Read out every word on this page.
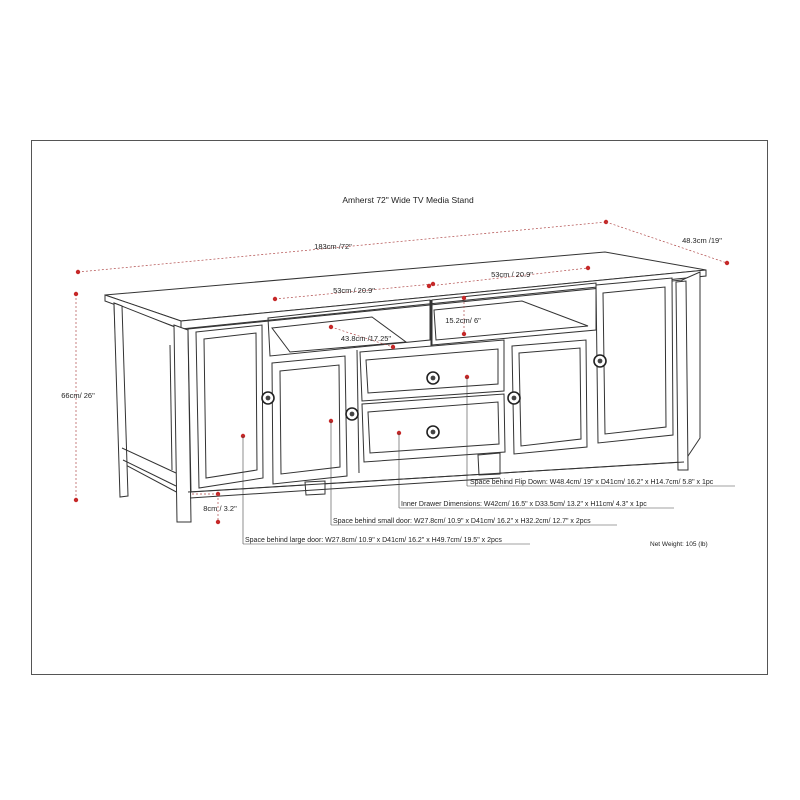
Amherst 72" Wide TV Media Stand
183cm /72"
48.3cm /19"
66cm/ 26"
53cm / 20.9"
53cm / 20.9"
43.8cm /17.25"
15.2cm/ 6"
8cm / 3.2"
Space behind Flip Down: W48.4cm/ 19" x D41cm/ 16.2" x H14.7cm/ 5.8" x 1pc
Inner Drawer Dimensions: W42cm/ 16.5" x D33.5cm/ 13.2" x H11cm/ 4.3" x 1pc
Space behind small door: W27.8cm/ 10.9" x D41cm/ 16.2" x H32.2cm/ 12.7" x 2pcs
Space behind large door: W27.8cm/ 10.9" x D41cm/ 16.2" x H49.7cm/ 19.5" x 2pcs
Net Weight: 105 (lb)
